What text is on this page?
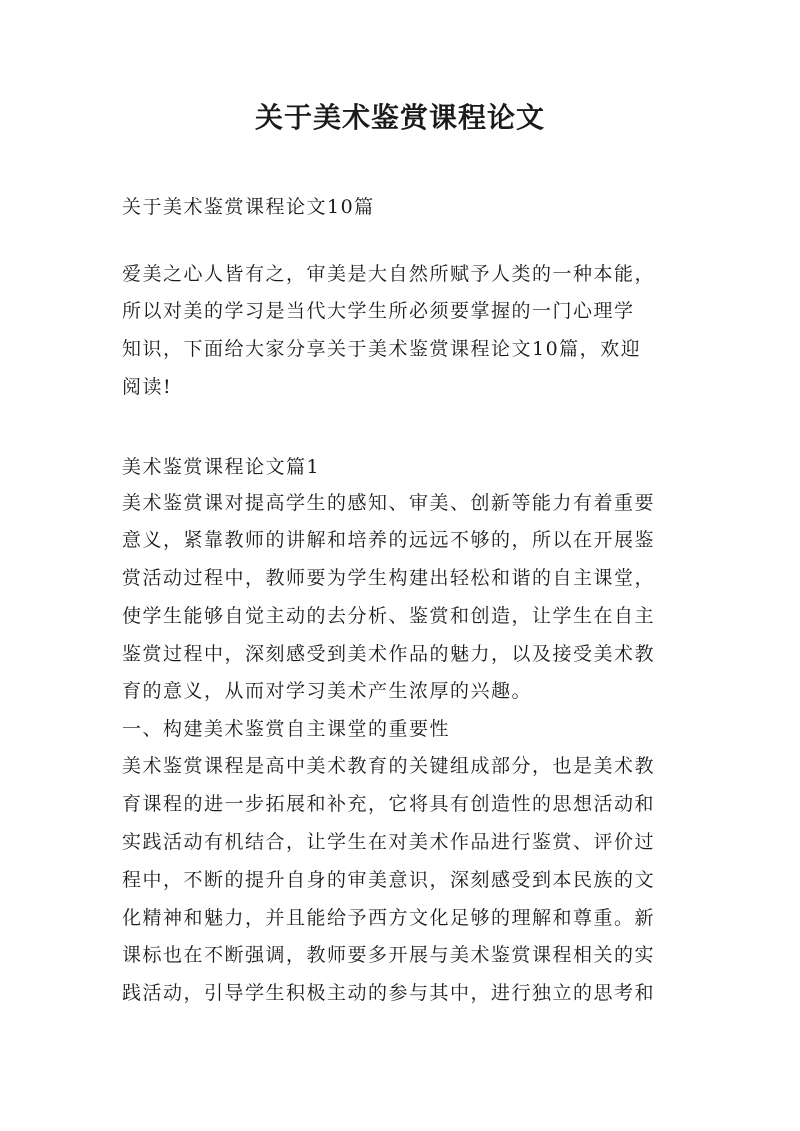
关于美术鉴赏课程论文
关于美术鉴赏课程论文10篇
爱美之心人皆有之，审美是大自然所赋予人类的一种本能，
所以对美的学习是当代大学生所必须要掌握的一门心理学
知识，下面给大家分享关于美术鉴赏课程论文10篇，欢迎
阅读!
美术鉴赏课程论文篇1
美术鉴赏课对提高学生的感知、审美、创新等能力有着重要
意义，紧靠教师的讲解和培养的远远不够的，所以在开展鉴
赏活动过程中，教师要为学生构建出轻松和谐的自主课堂，
使学生能够自觉主动的去分析、鉴赏和创造，让学生在自主
鉴赏过程中，深刻感受到美术作品的魅力，以及接受美术教
育的意义，从而对学习美术产生浓厚的兴趣。
一、构建美术鉴赏自主课堂的重要性
美术鉴赏课程是高中美术教育的关键组成部分，也是美术教
育课程的进一步拓展和补充，它将具有创造性的思想活动和
实践活动有机结合，让学生在对美术作品进行鉴赏、评价过
程中，不断的提升自身的审美意识，深刻感受到本民族的文
化精神和魅力，并且能给予西方文化足够的理解和尊重。新
课标也在不断强调，教师要多开展与美术鉴赏课程相关的实
践活动，引导学生积极主动的参与其中，进行独立的思考和
